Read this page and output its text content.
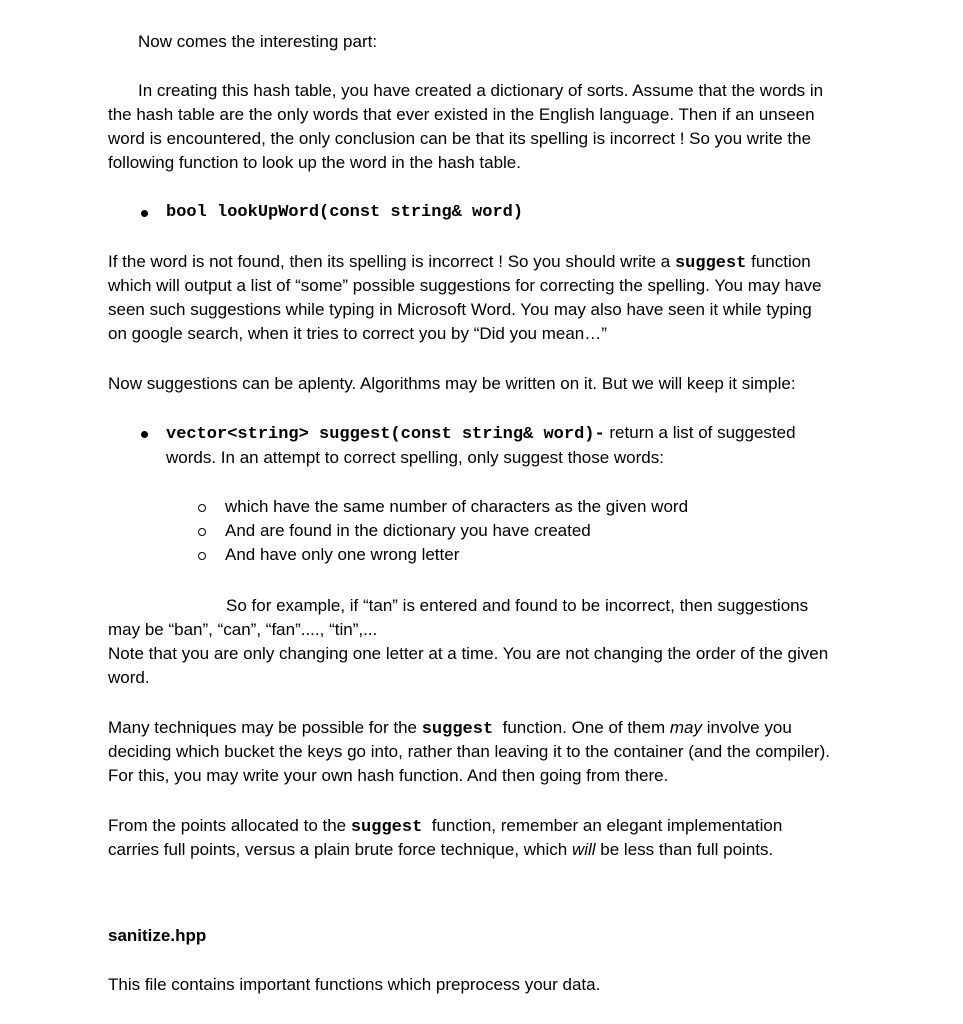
Now comes the interesting part:
In creating this hash table, you have created a dictionary of sorts. Assume that the words in
the hash table are the only words that ever existed in the English language. Then if an unseen
word is encountered, the only conclusion can be that its spelling is incorrect ! So you write the
following function to look up the word in the hash table.
bool lookUpWord(const string& word)
If the word is not found, then its spelling is incorrect ! So you should write a suggest function
which will output a list of “some” possible suggestions for correcting the spelling. You may have
seen such suggestions while typing in Microsoft Word. You may also have seen it while typing
on google search, when it tries to correct you by “Did you mean…”
Now suggestions can be aplenty. Algorithms may be written on it. But we will keep it simple:
vector<string> suggest(const string& word)- return a list of suggested
words. In an attempt to correct spelling, only suggest those words:
which have the same number of characters as the given word
And are found in the dictionary you have created
And have only one wrong letter
So for example, if “tan” is entered and found to be incorrect, then suggestions
may be “ban”, “can”, “fan”...., “tin”,...
Note that you are only changing one letter at a time. You are not changing the order of the given
word.
Many techniques may be possible for the suggest  function. One of them may involve you
deciding which bucket the keys go into, rather than leaving it to the container (and the compiler).
For this, you may write your own hash function. And then going from there.
From the points allocated to the suggest  function, remember an elegant implementation
carries full points, versus a plain brute force technique, which will be less than full points.
sanitize.hpp
This file contains important functions which preprocess your data.
